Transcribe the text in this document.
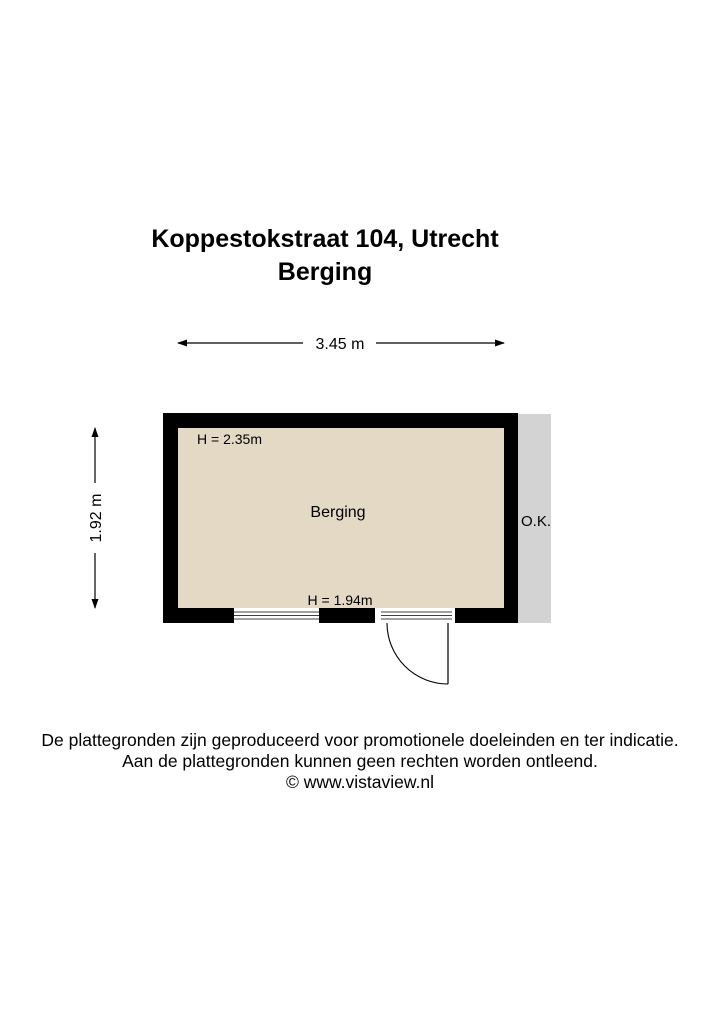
Koppestokstraat 104, Utrecht
Berging
3.45 m
1.92 m
H = 2.35m
Berging
H = 1.94m
O.K.
De plattegronden zijn geproduceerd voor promotionele doeleinden en ter indicatie.
Aan de plattegronden kunnen geen rechten worden ontleend.
© www.vistaview.nl
